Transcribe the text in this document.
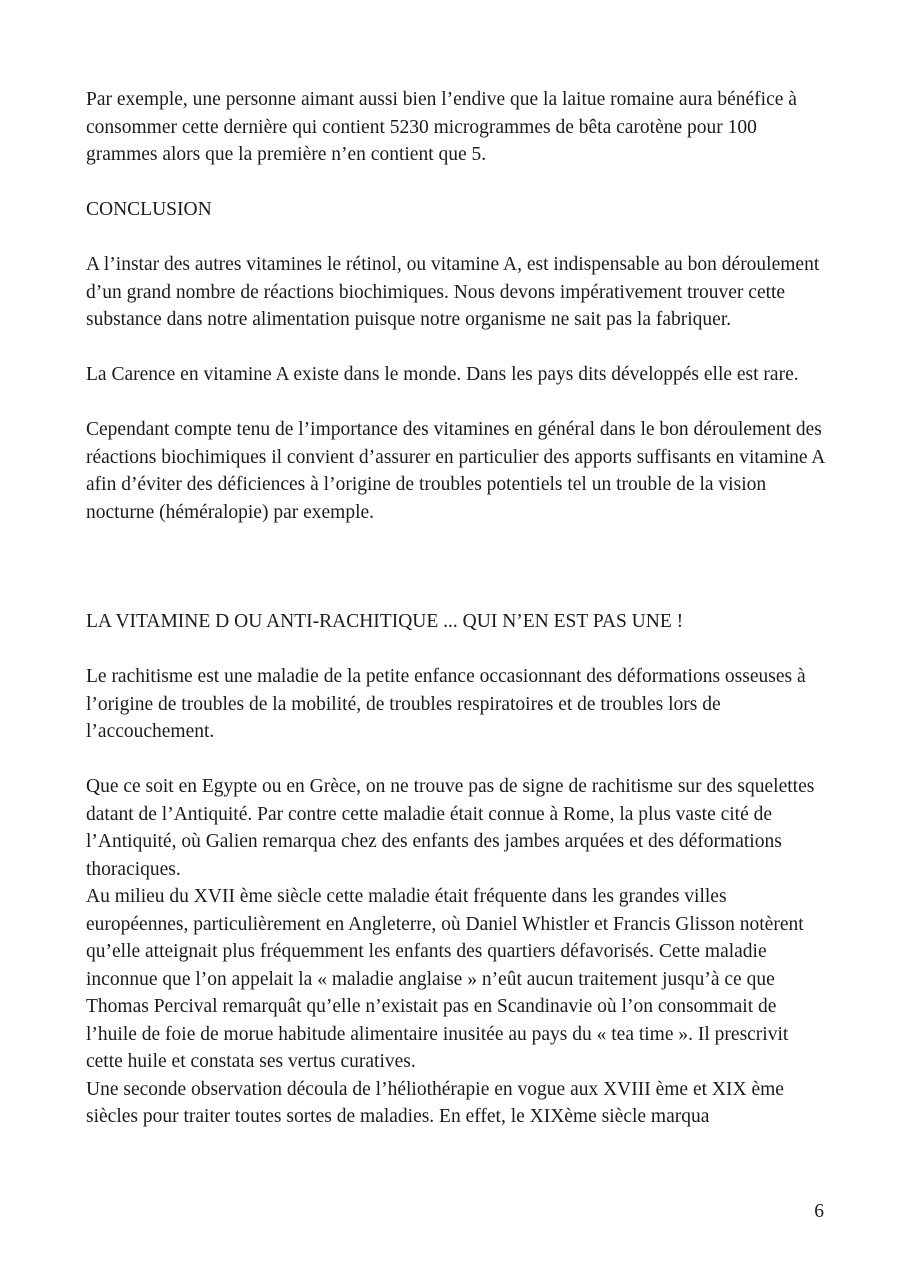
Par exemple, une personne aimant aussi bien l’endive que la laitue romaine aura bénéfice à consommer cette dernière qui contient 5230 microgrammes de bêta carotène pour 100 grammes alors que la première n’en contient que 5.

CONCLUSION

A l’instar des autres vitamines le rétinol, ou vitamine A, est indispensable au bon déroulement d’un grand nombre de réactions biochimiques. Nous devons impérativement trouver cette substance dans notre alimentation puisque notre organisme ne sait pas la fabriquer.

La Carence en vitamine A existe dans le monde. Dans les pays dits développés elle est rare.

Cependant compte tenu de l’importance des vitamines en général dans le bon déroulement des réactions biochimiques il convient d’assurer en particulier des apports suffisants en vitamine A afin d’éviter des déficiences à l’origine de troubles potentiels tel un trouble de la vision nocturne (héméralopie) par exemple.

LA VITAMINE D OU ANTI-RACHITIQUE ... QUI N’EN EST PAS UNE !

Le rachitisme est une maladie de la petite enfance occasionnant des déformations osseuses à l’origine de troubles de la mobilité, de troubles respiratoires et de troubles lors de l’accouchement.

Que ce soit en Egypte ou en Grèce, on ne trouve pas de signe de rachitisme sur des squelettes datant de l’Antiquité. Par contre cette maladie était connue à Rome, la plus vaste cité de l’Antiquité, où Galien remarqua chez des enfants des jambes arquées et des déformations thoraciques.

Au milieu du XVII ème siècle cette maladie était fréquente dans les grandes villes européennes, particulièrement en Angleterre, où Daniel Whistler et Francis Glisson notèrent qu’elle atteignait plus fréquemment les enfants des quartiers défavorisés. Cette maladie inconnue que l’on appelait la « maladie anglaise » n’eût aucun traitement jusqu’à ce que Thomas Percival remarquât qu’elle n’existait pas en Scandinavie où l’on consommait de l’huile de foie de morue habitude alimentaire inusitée au pays du « tea time ». Il prescrivit cette huile et constata ses vertus curatives.

Une seconde observation découla de l’héliothérapie en vogue aux XVIII ème et XIX ème siècles pour traiter toutes sortes de maladies. En effet, le XIXème siècle marqua

6
